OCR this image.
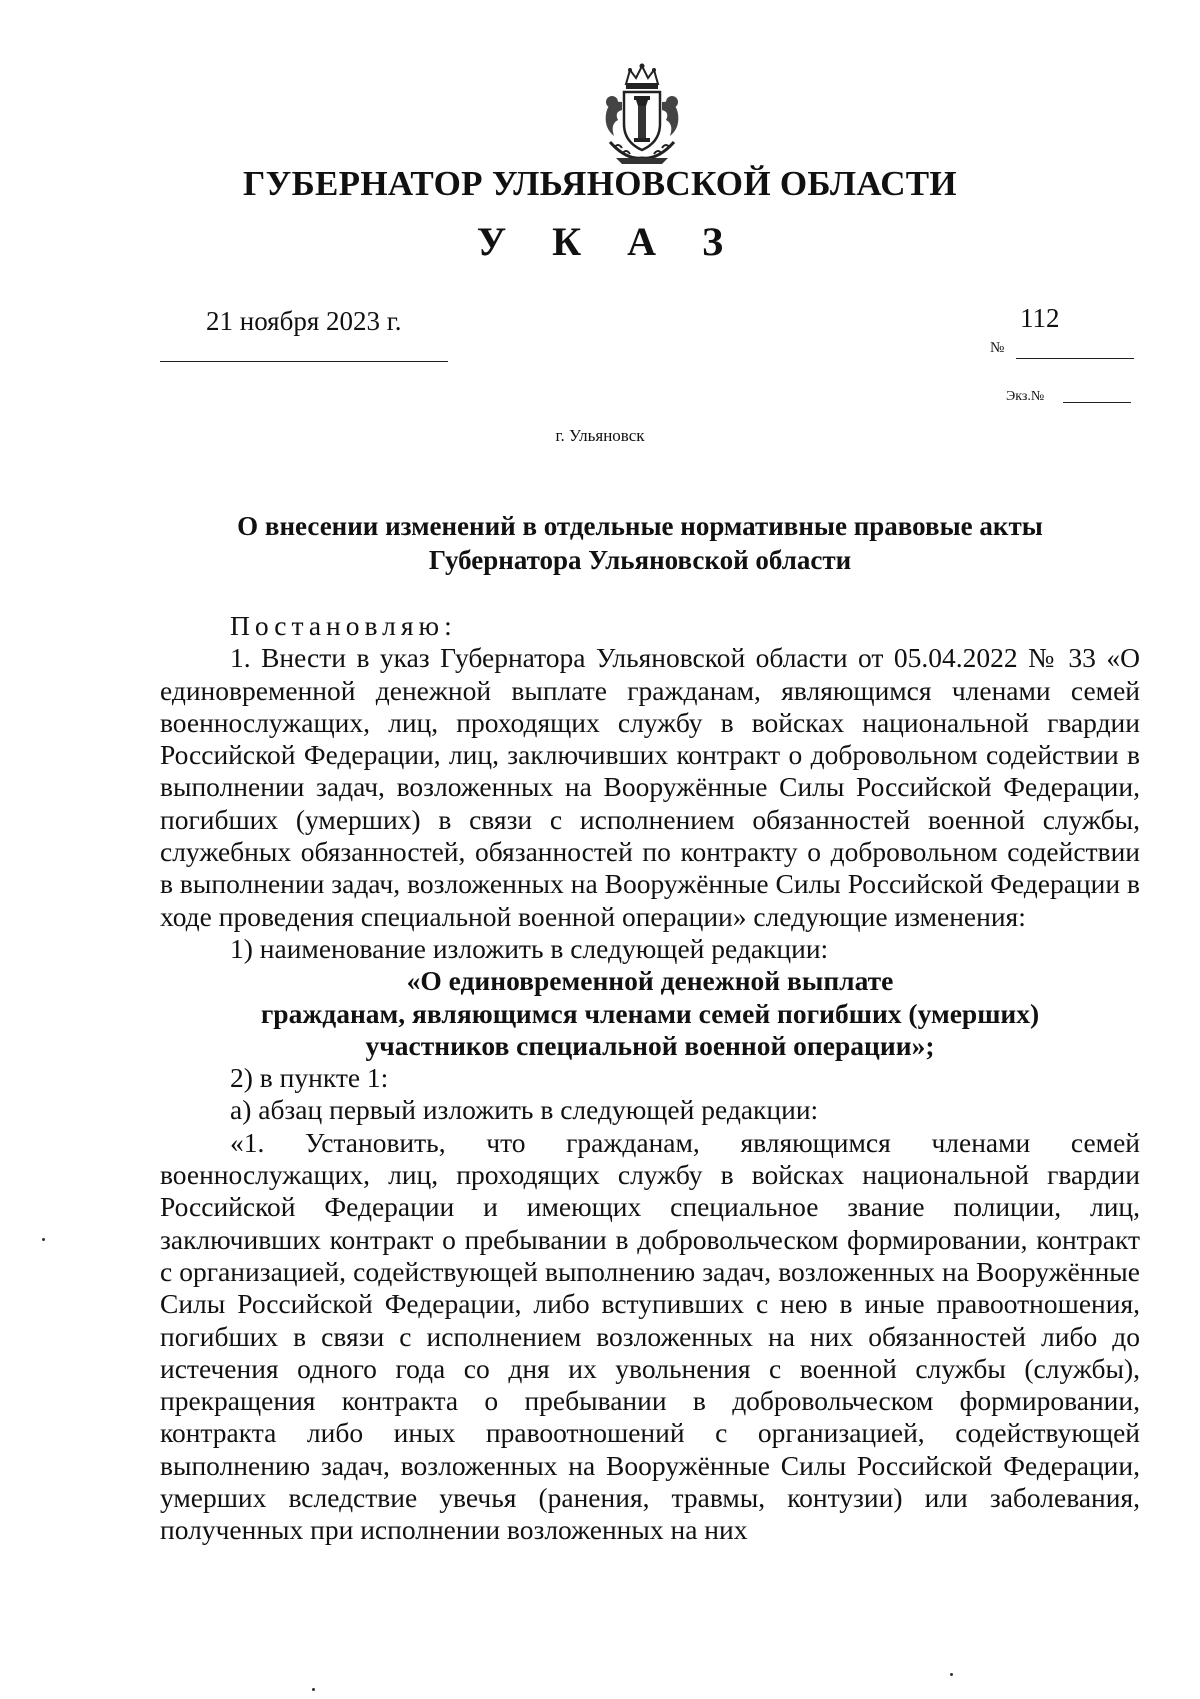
ГУБЕРНАТОР УЛЬЯНОВСКОЙ ОБЛАСТИ
У К А З
21 ноября 2023 г.	112
№
Экз.№
г. Ульяновск
О внесении изменений в отдельные нормативные правовые акты
Губернатора Ульяновской области

Постановляю:

1. Внести в указ Губернатора Ульяновской области от 05.04.2022 № 33 «О единовременной денежной выплате гражданам, являющимся членами семей военнослужащих, лиц, проходящих службу в войсках национальной гвардии Российской Федерации, лиц, заключивших контракт о добровольном содействии в выполнении задач, возложенных на Вооружённые Силы Российской Федерации, погибших (умерших) в связи с исполнением обязанностей военной службы, служебных обязанностей, обязанностей по контракту о добровольном содействии в выполнении задач, возложенных на Вооружённые Силы Российской Федерации в ходе проведения специальной военной операции» следующие изменения:

1) наименование изложить в следующей редакции:

«О единовременной денежной выплате
гражданам, являющимся членами семей погибших (умерших)
участников специальной военной операции»;

2) в пункте 1:

а) абзац первый изложить в следующей редакции:

«1. Установить, что гражданам, являющимся членами семей военнослужащих, лиц, проходящих службу в войсках национальной гвардии Российской Федерации и имеющих специальное звание полиции, лиц, заключивших контракт о пребывании в добровольческом формировании, контракт с организацией, содействующей выполнению задач, возложенных на Вооружённые Силы Российской Федерации, либо вступивших с нею в иные правоотношения, погибших в связи с исполнением возложенных на них обязанностей либо до истечения одного года со дня их увольнения с военной службы (службы), прекращения контракта о пребывании в добровольческом формировании, контракта либо иных правоотношений с организацией, содействующей выполнению задач, возложенных на Вооружённые Силы Российской Федерации, умерших вследствие увечья (ранения, травмы, контузии) или заболевания, полученных при исполнении возложенных на них
